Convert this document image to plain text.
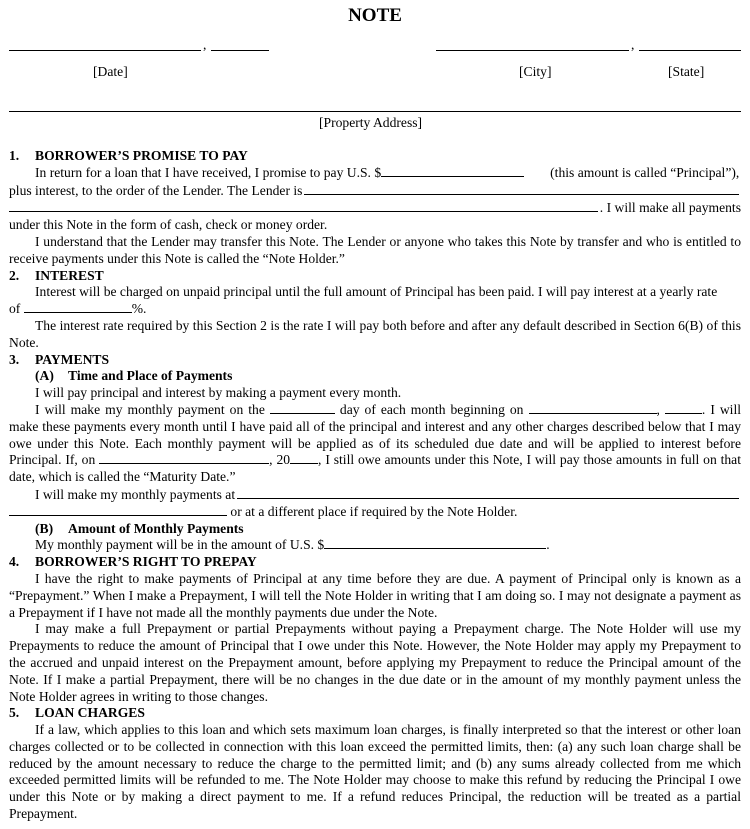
NOTE
,
[Date]
,
[City]	[State]
[Property Address]
1. BORROWER’S PROMISE TO PAY
In return for a loan that I have received, I promise to pay U.S. $	(this amount is called “Principal”),
plus interest, to the order of the Lender. The Lender is
. I will make all payments

under this Note in the form of cash, check or money order.

I understand that the Lender may transfer this Note. The Lender or anyone who takes this Note by transfer and who is entitled to receive payments under this Note is called the “Note Holder.”

2. INTEREST

Interest will be charged on unpaid principal until the full amount of Principal has been paid. I will pay interest at a yearly rate

of	%.

The interest rate required by this Section 2 is the rate I will pay both before and after any default described in Section 6(B) of this Note.

3. PAYMENTS
(A) Time and Place of Payments

I will pay principal and interest by making a payment every month.

I will make my monthly payment on the	day of each month beginning on	,	. I will make these payments every month until I have paid all of the principal and interest and any other charges described below that I may owe under this Note. Each monthly payment will be applied as of its scheduled due date and will be applied to interest before Principal. If, on	, 20 , I still owe amounts under this Note, I will pay those amounts in full on that date, which is called the “Maturity Date.”

I will make my monthly payments at
or at a different place if required by the Note Holder.
(B) Amount of Monthly Payments
My monthly payment will be in the amount of U.S. $	.
4. BORROWER’S RIGHT TO PREPAY

I have the right to make payments of Principal at any time before they are due. A payment of Principal only is known as a “Prepayment.” When I make a Prepayment, I will tell the Note Holder in writing that I am doing so. I may not designate a payment as a Prepayment if I have not made all the monthly payments due under the Note.

I may make a full Prepayment or partial Prepayments without paying a Prepayment charge. The Note Holder will use my Prepayments to reduce the amount of Principal that I owe under this Note. However, the Note Holder may apply my Prepayment to the accrued and unpaid interest on the Prepayment amount, before applying my Prepayment to reduce the Principal amount of the Note. If I make a partial Prepayment, there will be no changes in the due date or in the amount of my monthly payment unless the Note Holder agrees in writing to those changes.

5. LOAN CHARGES

If a law, which applies to this loan and which sets maximum loan charges, is finally interpreted so that the interest or other loan charges collected or to be collected in connection with this loan exceed the permitted limits, then: (a) any such loan charge shall be reduced by the amount necessary to reduce the charge to the permitted limit; and (b) any sums already collected from me which exceeded permitted limits will be refunded to me. The Note Holder may choose to make this refund by reducing the Principal I owe under this Note or by making a direct payment to me. If a refund reduces Principal, the reduction will be treated as a partial Prepayment.
